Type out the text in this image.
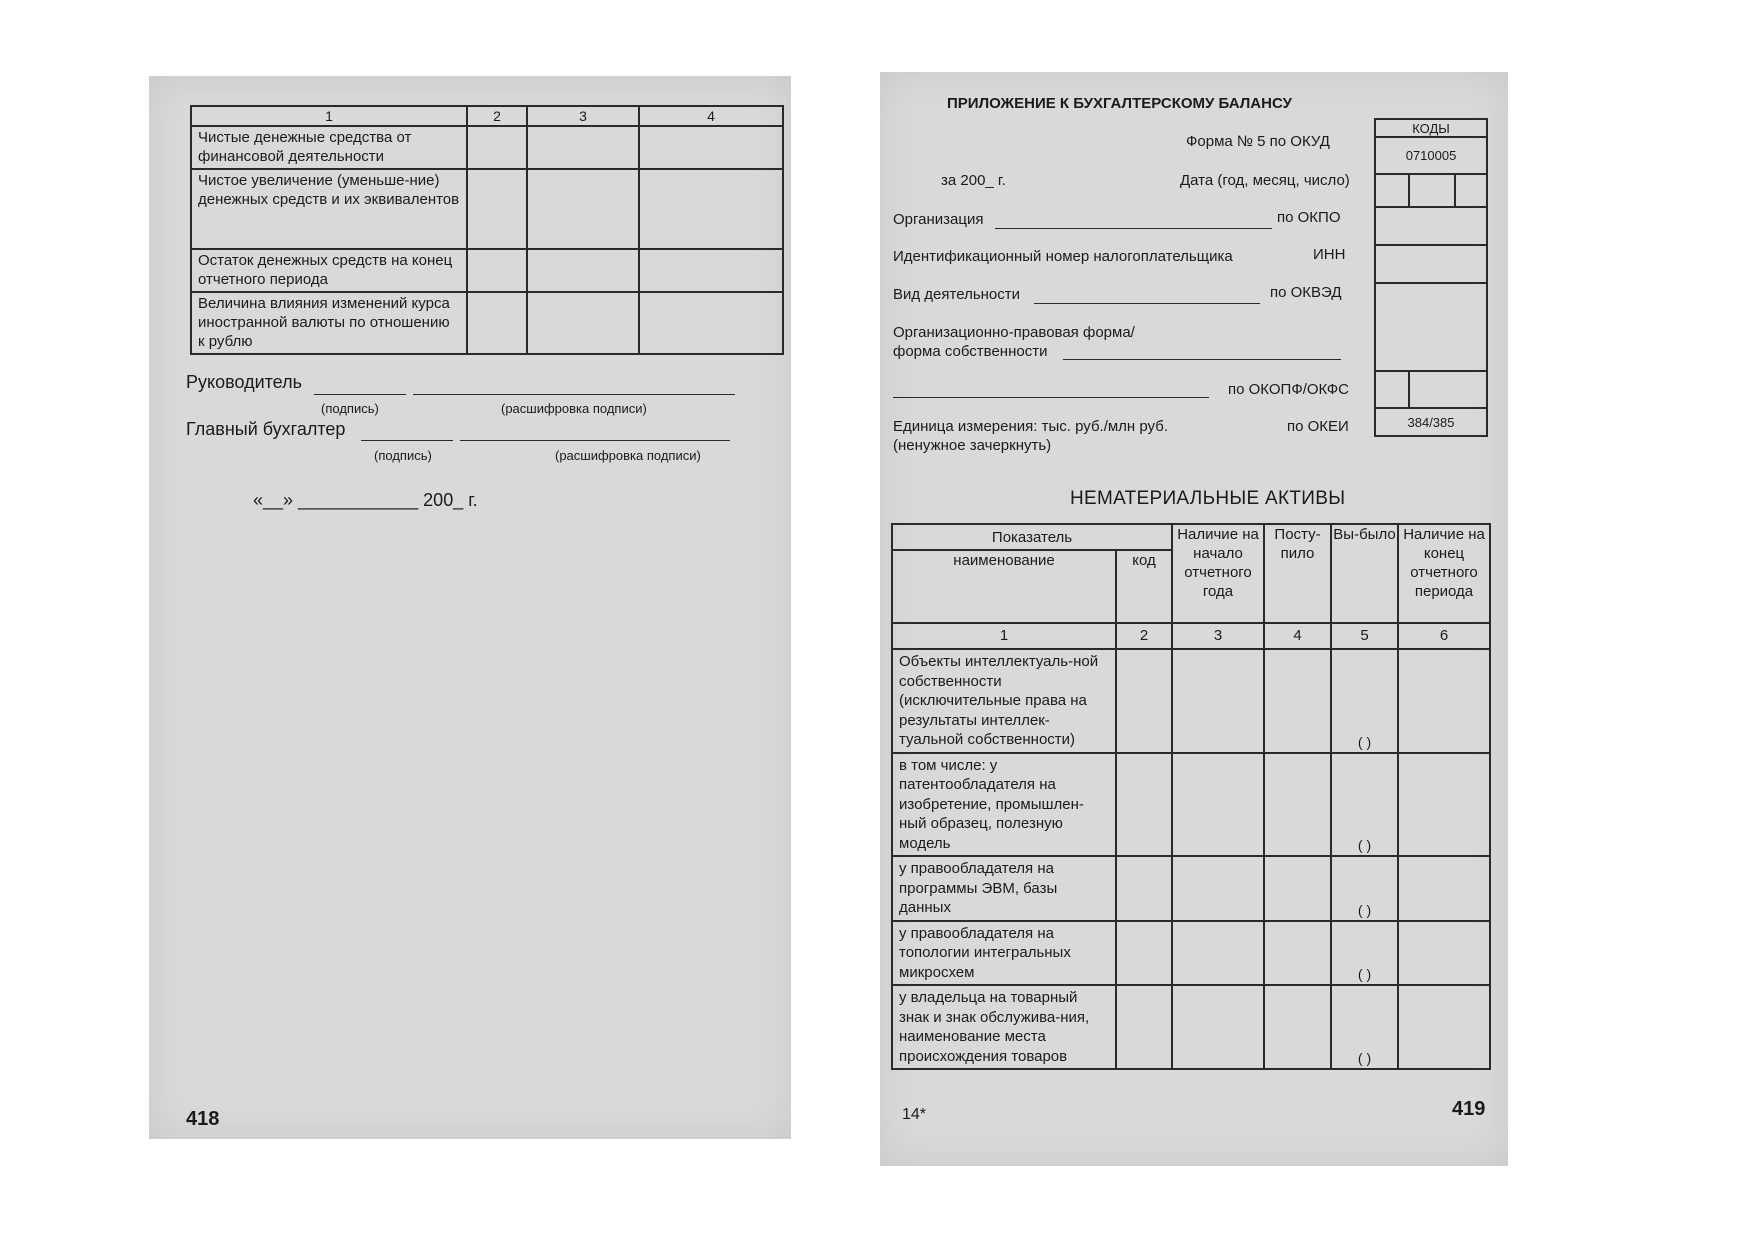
1	2	3	4
Чистые денежные средства от финансовой деятельности			
Чистое увеличение (уменьше-ние) денежных средств и их эквивалентов			
Остаток денежных средств на конец отчетного периода			
Величина влияния изменений курса иностранной валюты по отношению к рублю			
Руководитель
(подпись)	(расшифровка подписи)
Главный бухгалтер
(подпись)	(расшифровка подписи)
«__» ____________ 200_ г.
418
ПРИЛОЖЕНИЕ К БУХГАЛТЕРСКОМУ БАЛАНСУ
Форма № 5 по ОКУД
за 200_ г.	Дата (год, месяц, число)
Организация	по ОКПО
Идентификационный номер налогоплательщика	ИНН
Вид деятельности	по ОКВЭД
Организационно-правовая форма/
форма собственности
по ОКОПФ/ОКФС
Единица измерения: тыс. руб./млн руб.
(ненужное зачеркнуть)
по ОКЕИ
КОДЫ		
0710005		

384/385		
НЕМАТЕРИАЛЬНЫЕ АКТИВЫ
Показатель		Наличие на начало отчетного года	Посту-пило	Вы-было	Наличие на конец отчетного периода
наименование	код				
1	2	3	4	5	6
Объекты интеллектуаль-ной собственности (исключительные права на результаты интеллек-туальной собственности)				( )	

в том числе: у патентообладателя на изобретение, промышлен-ный образец, полезную модель				( )	

у правообладателя на программы ЭВМ, базы данных				( )	

у правообладателя на топологии интегральных микросхем				( )	

у владельца на товарный знак и знак обслужива-ния, наименование места происхождения товаров				( )	

14*	419
